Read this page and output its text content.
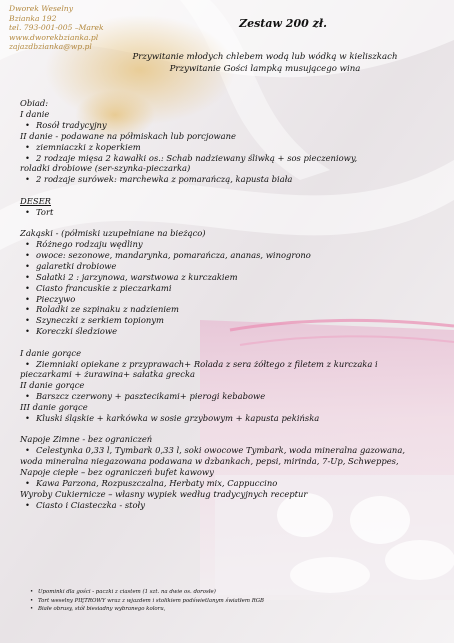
Dworek Weselny
Bzianka 192
tel. 793-001-005 –Marek
www.dworekbzianka.pl
zajazdbzianka@wp.pl
Zestaw 200 zł.
Przywitanie młodych chlebem wodą lub wódką w kieliszkach
Przywitanie Gości lampką musującego wina
Obiad:
I danie
• Rosół tradycyjny
II danie - podawane na półmiskach lub porcjowane
• ziemniaczki z koperkiem
• 2 rodzaje mięsa 2 kawałki os.: Schab nadziewany śliwką + sos pieczeniowy,
roladki drobiowe (ser-szynka-pieczarka)
• 2 rodzaje surówek: marchewka z pomarańczą, kapusta biała
DESER
• Tort
Zakąski - (półmiski uzupełniane na bieżąco)
• Różnego rodzaju wędliny
• owoce: sezonowe, mandarynka, pomarańcza, ananas, winogrono
• galaretki drobiowe
• Sałatki 2 : jarzynowa, warstwowa z kurczakiem
• Ciasto francuskie z pieczarkami
• Pieczywo
• Roladki ze szpinaku z nadzieniem
• Szyneczki z serkiem topionym
• Koreczki śledziowe
I danie gorące
• Ziemniaki opiekane z przyprawach+ Rolada z sera żółtego z filetem z kurczaka i
pieczarkami + żurawina+ sałatka grecka
II danie gorące
• Barszcz czerwony + pasztecikami+ pierogi kebabowe
III danie gorące
• Kluski śląskie + karkówka w sosie grzybowym + kapusta pekińska
Napoje Zimne - bez ograniczeń
• Celestynka 0,33 l, Tymbark 0,33 l, soki owocowe Tymbark, woda mineralna gazowana,
woda mineralna niegazowana podawana w dzbankach, pepsi, mirinda, 7-Up, Schweppes,
Napoje ciepłe – bez ograniczeń bufet kawowy
• Kawa Parzona, Rozpuszczalna, Herbaty mix, Cappuccino
Wyroby Cukiernicze – własny wypiek według tradycyjnych receptur
• Ciasto i Ciasteczka - stoły
• Upominki dla gości - paczki z ciastem (1 szt. na dwie os. dorosłe)
• Tort weselny PIĘTROWY wraz z wjazdem i stolikiem podświetlanym światłem RGB
• Białe obrusy, stół biesiadny wybranego koloru,
